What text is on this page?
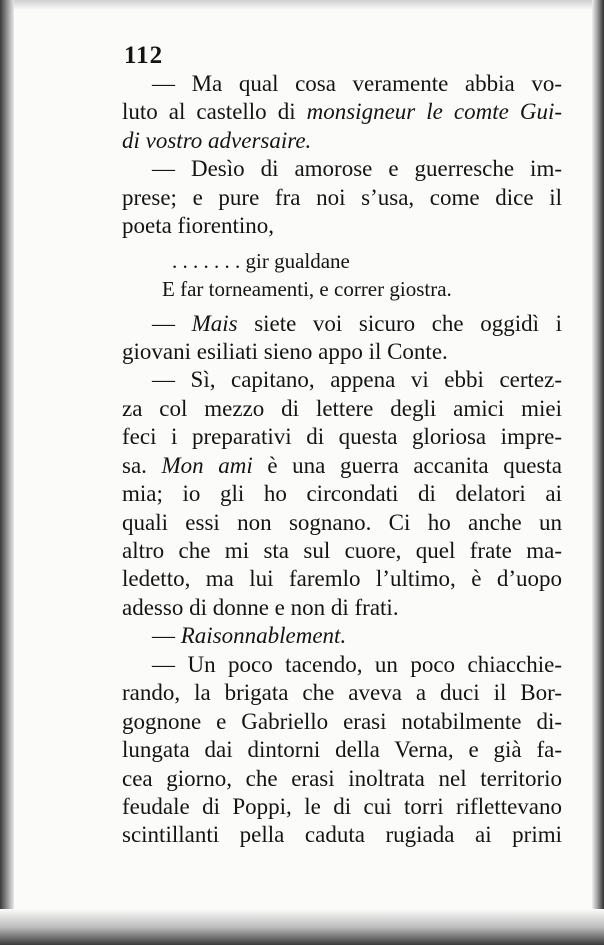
112
— Ma qual cosa veramente abbia vo-
luto al castello di monsigneur le comte Gui-
di vostro adversaire.
— Desìo di amorose e guerresche im-
prese; e pure fra noi s’usa, come dice il
poeta fiorentino,
. . . . . . . gir gualdane
E far torneamenti, e correr giostra.
— Mais siete voi sicuro che oggidì i
giovani esiliati sieno appo il Conte.
— Sì, capitano, appena vi ebbi certez-
za col mezzo di lettere degli amici miei
feci i preparativi di questa gloriosa impre-
sa. Mon ami è una guerra accanita questa
mia; io gli ho circondati di delatori ai
quali essi non sognano. Ci ho anche un
altro che mi sta sul cuore, quel frate ma-
ledetto, ma lui faremlo l’ultimo, è d’uopo
adesso di donne e non di frati.
— Raisonnablement.
— Un poco tacendo, un poco chiacchie-
rando, la brigata che aveva a duci il Bor-
gognone e Gabriello erasi notabilmente di-
lungata dai dintorni della Verna, e già fa-
cea giorno, che erasi inoltrata nel territorio
feudale di Poppi, le di cui torri riflettevano
scintillanti pella caduta rugiada ai primi
